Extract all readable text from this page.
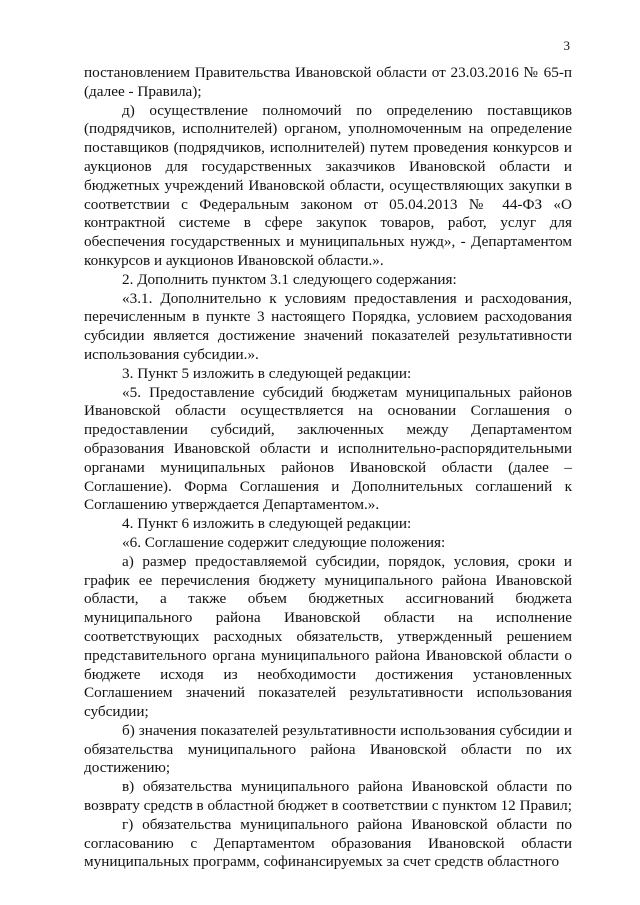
3

постановлением Правительства Ивановской области от 23.03.2016 № 65-п (далее - Правила);

д) осуществление полномочий по определению поставщиков (подрядчиков, исполнителей) органом, уполномоченным на определение поставщиков (подрядчиков, исполнителей) путем проведения конкурсов и аукционов для государственных заказчиков Ивановской области и бюджетных учреждений Ивановской области, осуществляющих закупки в соответствии с Федеральным законом от 05.04.2013 № 44-ФЗ «О контрактной системе в сфере закупок товаров, работ, услуг для обеспечения государственных и муниципальных нужд», - Департаментом конкурсов и аукционов Ивановской области.».

2. Дополнить пунктом 3.1 следующего содержания:

«3.1. Дополнительно к условиям предоставления и расходования, перечисленным в пункте 3 настоящего Порядка, условием расходования субсидии является достижение значений показателей результативности использования субсидии.».

3. Пункт 5 изложить в следующей редакции:

«5. Предоставление субсидий бюджетам муниципальных районов Ивановской области осуществляется на основании Соглашения о предоставлении субсидий, заключенных между Департаментом образования Ивановской области и исполнительно-распорядительными органами муниципальных районов Ивановской области (далее – Соглашение). Форма Соглашения и Дополнительных соглашений к Соглашению утверждается Департаментом.».

4. Пункт 6 изложить в следующей редакции:

«6. Соглашение содержит следующие положения:

а) размер предоставляемой субсидии, порядок, условия, сроки и график ее перечисления бюджету муниципального района Ивановской области, а также объем бюджетных ассигнований бюджета муниципального района Ивановской области на исполнение соответствующих расходных обязательств, утвержденный решением представительного органа муниципального района Ивановской области о бюджете исходя из необходимости достижения установленных Соглашением значений показателей результативности использования субсидии;

б) значения показателей результативности использования субсидии и обязательства муниципального района Ивановской области по их достижению;

в) обязательства муниципального района Ивановской области по возврату средств в областной бюджет в соответствии с пунктом 12 Правил;

г) обязательства муниципального района Ивановской области по согласованию с Департаментом образования Ивановской области муниципальных программ, софинансируемых за счет средств областного
